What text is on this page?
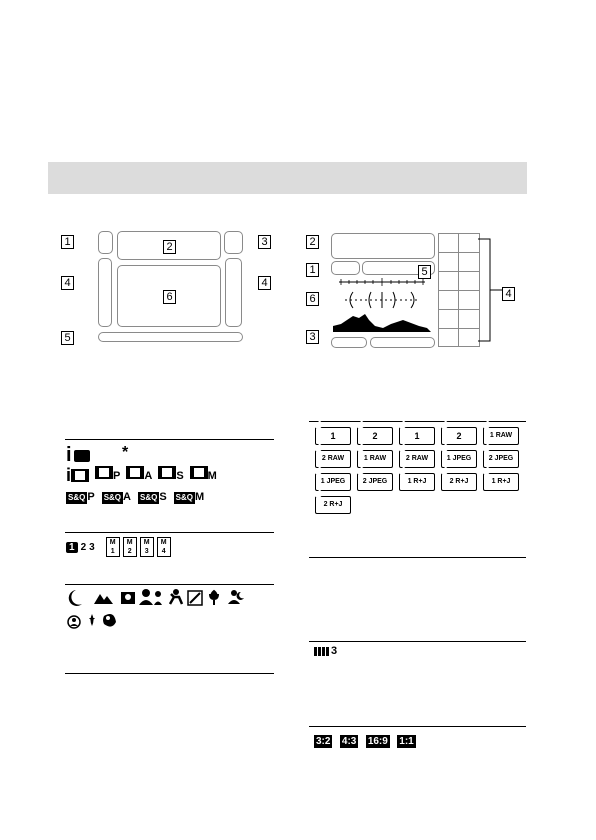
1	2	3
4
6
4
5
2
1	5
6
3
4
i	*
i	P	A	S	M
S&Q P S&Q A S&Q S S&Q M
1 2 3	M
1
M
2
M
3
M
4
1	2	1	2	1 RAW
2 RAW	1 RAW	2 RAW	1 JPEG	2 JPEG
1 JPEG	2 JPEG	1 R+J	2 R+J	1 R+J
2 R+J
3
3:2 4:3 16:9 1:1
